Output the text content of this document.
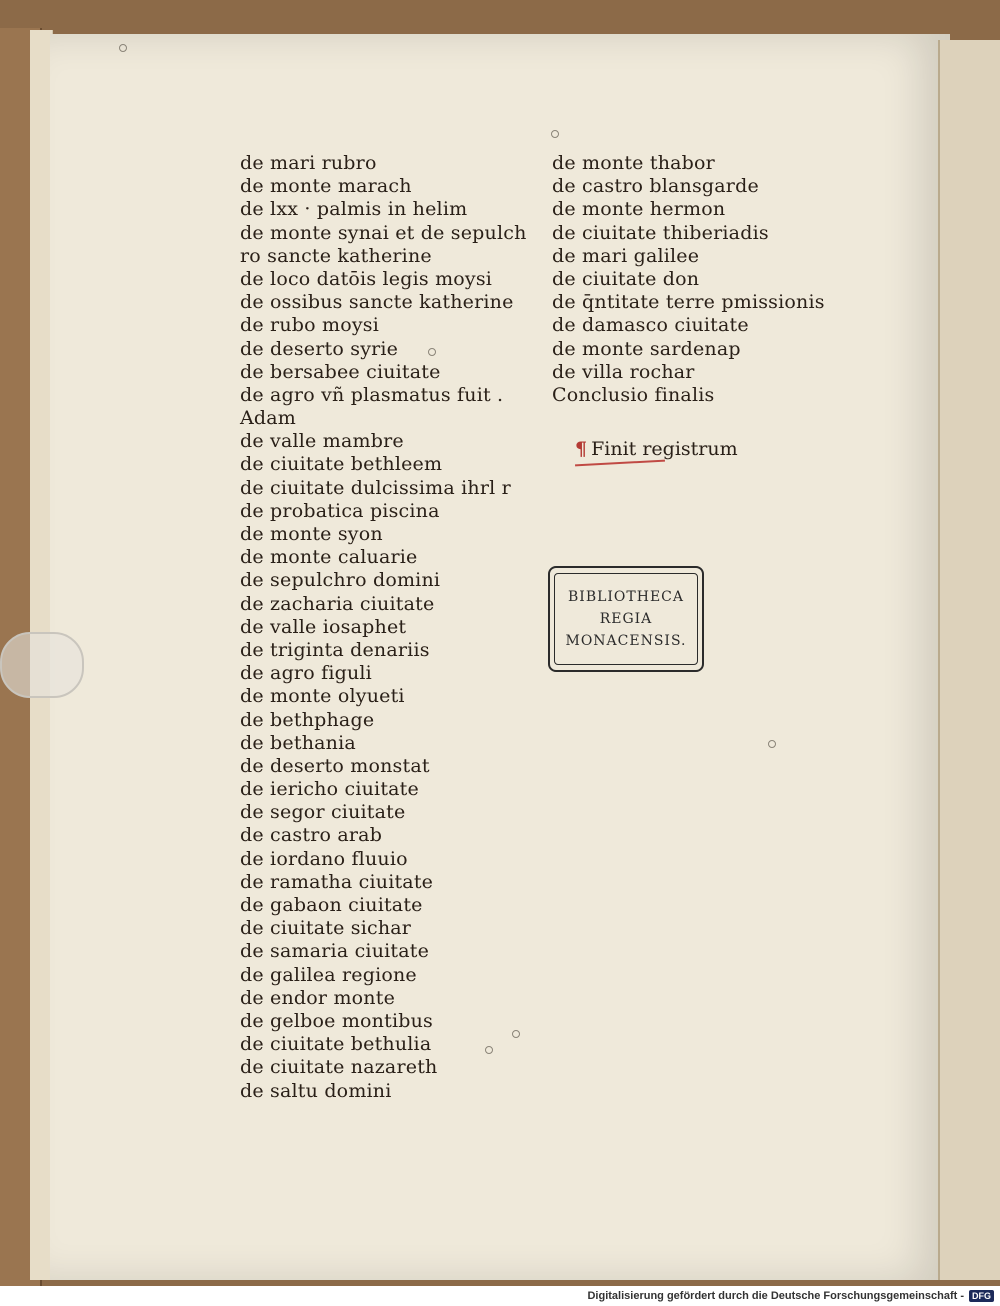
de mari rubro
de monte marach
de lxx · palmis in helim
de monte synai et de sepulch
ro sancte katherine
de loco datōis legis moysi
de ossibus sancte katherine
de rubo moysi
de deserto syrie
de bersabee ciuitate
de agro vñ plasmatus fuit .
Adam
de valle mambre
de ciuitate bethleem
de ciuitate dulcissima ihrl r
de probatica piscina
de monte syon
de monte caluarie
de sepulchro domini
de zacharia ciuitate
de valle iosaphet
de triginta denariis
de agro figuli
de monte olyueti
de bethphage
de bethania
de deserto monstat
de iericho ciuitate
de segor ciuitate
de castro arab
de iordano fluuio
de ramatha ciuitate
de gabaon ciuitate
de ciuitate sichar
de samaria ciuitate
de galilea regione
de endor monte
de gelboe montibus
de ciuitate bethulia
de ciuitate nazareth
de saltu domini
de monte thabor
de castro blansgarde
de monte hermon
de ciuitate thiberiadis
de mari galilee
de ciuitate don
de q̄ntitate terre pmissionis
de damasco ciuitate
de monte sardenap
de villa rochar
Conclusio finalis
¶ Finit registrum
BIBLIOTHECA
REGIA
MONACENSIS.
Digitalisierung gefördert durch die Deutsche Forschungsgemeinschaft - DFG
